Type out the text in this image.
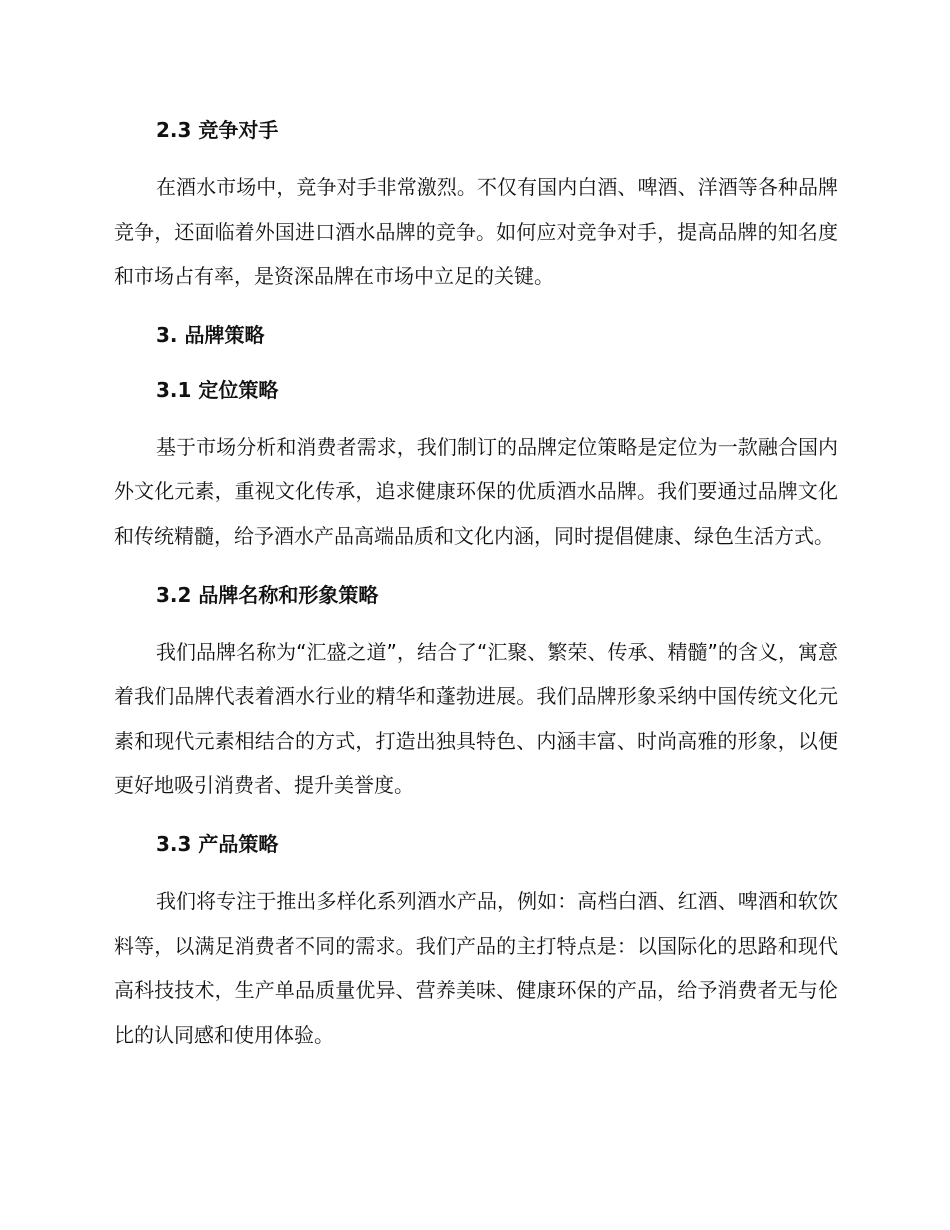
2.3 竞争对手

在酒水市场中，竞争对手非常激烈。不仅有国内白酒、啤酒、洋酒等各种品牌竞争，还面临着外国进口酒水品牌的竞争。如何应对竞争对手，提高品牌的知名度和市场占有率，是资深品牌在市场中立足的关键。

3. 品牌策略
3.1 定位策略

基于市场分析和消费者需求，我们制订的品牌定位策略是定位为一款融合国内外文化元素，重视文化传承，追求健康环保的优质酒水品牌。我们要通过品牌文化和传统精髓，给予酒水产品高端品质和文化内涵，同时提倡健康、绿色生活方式。

3.2 品牌名称和形象策略

我们品牌名称为“汇盛之道”，结合了“汇聚、繁荣、传承、精髓”的含义，寓意着我们品牌代表着酒水行业的精华和蓬勃进展。我们品牌形象采纳中国传统文化元素和现代元素相结合的方式，打造出独具特色、内涵丰富、时尚高雅的形象，以便更好地吸引消费者、提升美誉度。

3.3 产品策略

我们将专注于推出多样化系列酒水产品，例如：高档白酒、红酒、啤酒和软饮料等，以满足消费者不同的需求。我们产品的主打特点是：以国际化的思路和现代高科技技术，生产单品质量优异、营养美味、健康环保的产品，给予消费者无与伦比的认同感和使用体验。
